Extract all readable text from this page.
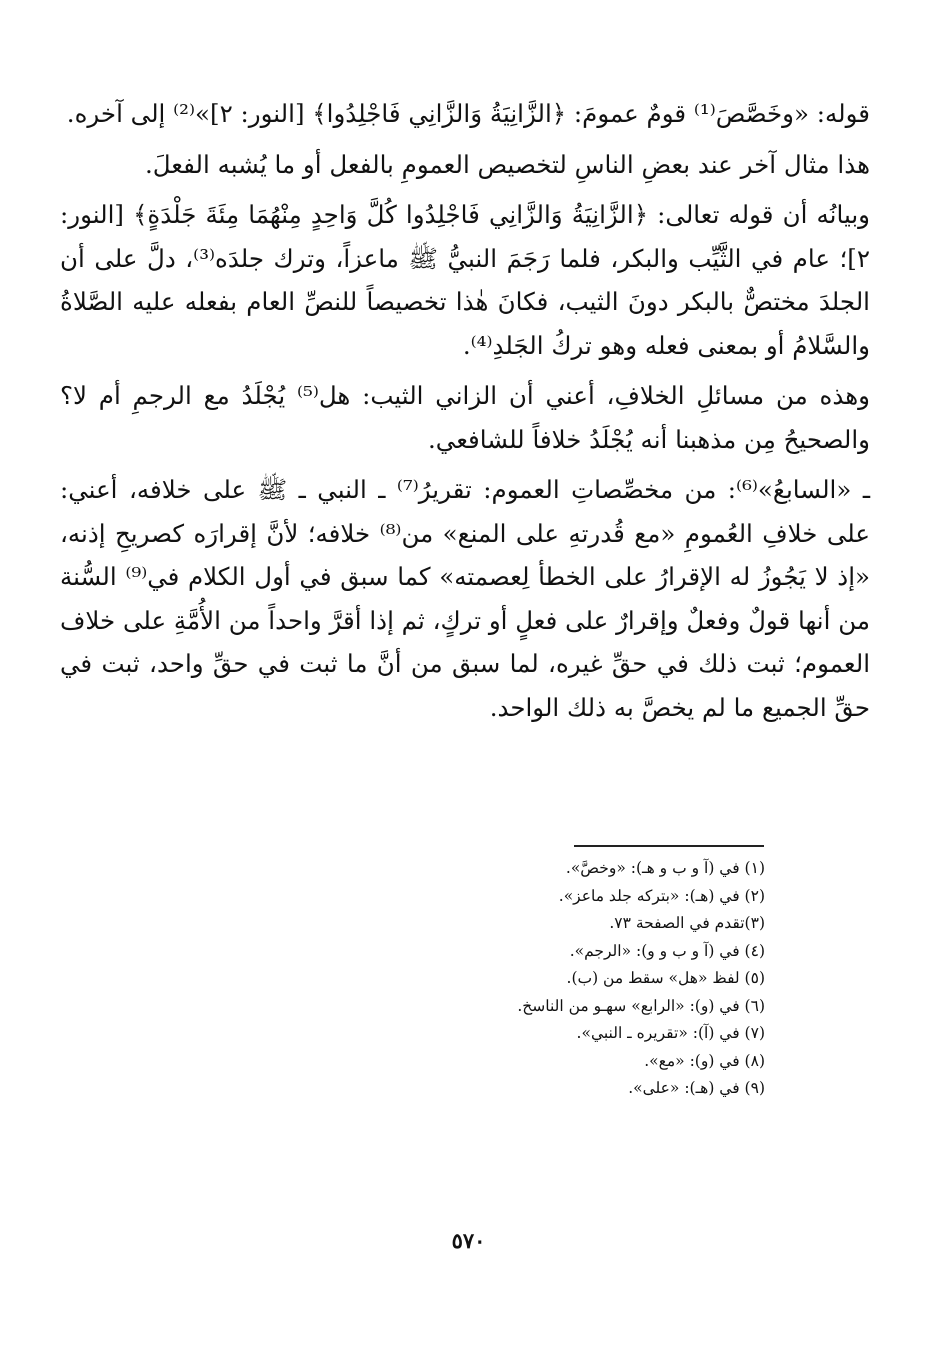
قوله: «وخَصَّصَ⁽¹⁾ قومٌ عمومَ: ﴿الزَّانِيَةُ وَالزَّانِي فَاجْلِدُوا﴾ [النور: ٢]»⁽²⁾ إلى آخره.

هذا مثال آخر عند بعضِ الناسِ لتخصيص العمومِ بالفعل أو ما يُشبه الفعلَ.

وبيانُه أن قوله تعالى: ﴿الزَّانِيَةُ وَالزَّانِي فَاجْلِدُوا كُلَّ وَاحِدٍ مِنْهُمَا مِئَةَ جَلْدَةٍ﴾ [النور: ٢]؛ عام في الثَّيِّب والبكر، فلما رَجَمَ النبيُّ ﷺ ماعزاً، وترك جلدَه⁽³⁾، دلَّ على أن الجلدَ مختصٌّ بالبكر دونَ الثيب، فكانَ هٰذا تخصيصاً للنصِّ العام بفعله عليه الصَّلاةُ والسَّلامُ أو بمعنى فعله وهو تركُ الجَلدِ⁽⁴⁾.

وهذه من مسائلِ الخلافِ، أعني أن الزاني الثيب: هل⁽⁵⁾ يُجْلَدُ مع الرجمِ أم لا؟ والصحيحُ مِن مذهبنا أنه يُجْلَدُ خلافاً للشافعي.

ـ «السابعُ»⁽⁶⁾: من مخصِّصاتِ العموم: تقريرُ⁽⁷⁾ ـ النبي ـ ﷺ على خلافه، أعني: على خلافِ العُمومِ «مع قُدرتهِ على المنع» من⁽⁸⁾ خلافه؛ لأنَّ إقرارَه كصريحِ إذنه، «إذ لا يَجُوزُ له الإقرارُ على الخطأ لِعصمته» كما سبق في أول الكلام في⁽⁹⁾ السُّنة من أنها قولٌ وفعلٌ وإقرارٌ على فعلٍ أو تركٍ، ثم إذا أقرَّ واحداً من الأُمَّةِ على خلاف العموم؛ ثبت ذلك في حقِّ غيره، لما سبق من أنَّ ما ثبت في حقِّ واحد، ثبت في حقِّ الجميع ما لم يخصَّ به ذلك الواحد.

(١) في (آ و ب و هـ): «وخصَّ».
(٢) في (هـ): «بتركه جلد ماعز».
(٣)تقدم في الصفحة ٧٣.
(٤) في (آ و ب و و): «الرجم».
(٥) لفظ «هل» سقط من (ب).
(٦) في (و): «الرابع» سهـو من الناسخ.
(٧) في (آ): «تقريره ـ النبي».
(٨) في (و): «مع».
(٩) في (هـ): «على».
٥٧٠
